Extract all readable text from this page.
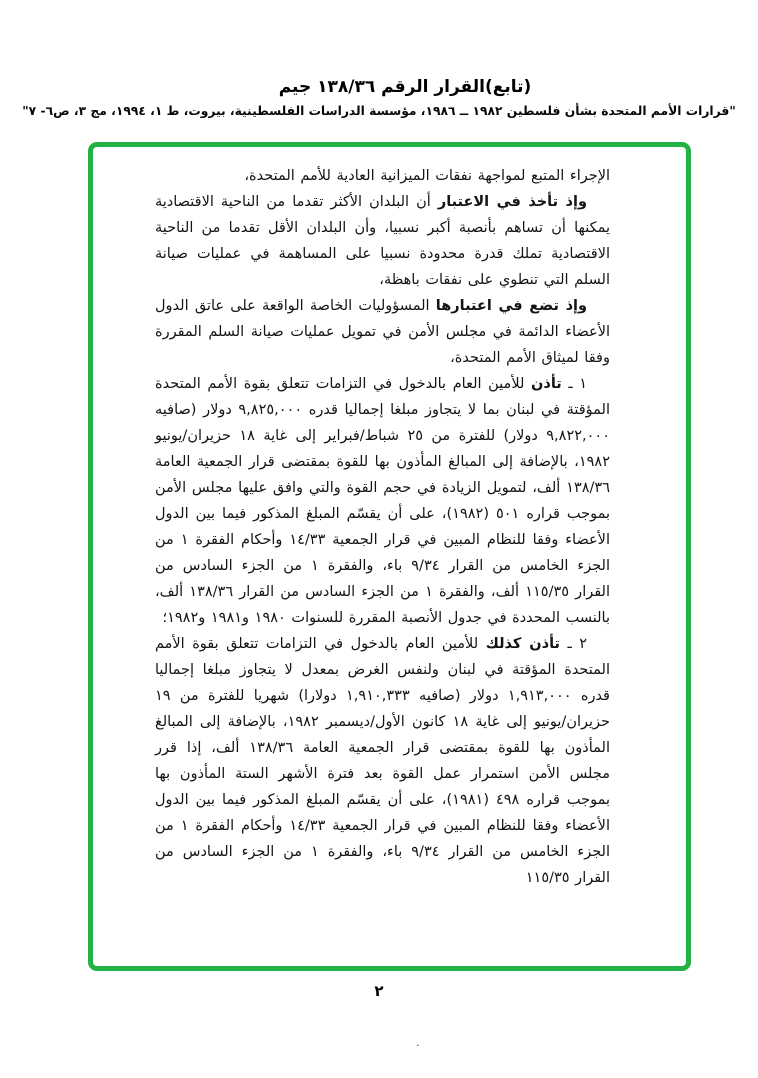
(تابع)القرار الرقم ١٣٨/٣٦ جيم
"قرارات الأمم المتحدة بشأن فلسطين ١٩٨٢ ــ ١٩٨٦، مؤسسة الدراسات الفلسطينية، بيروت، ط ١، ١٩٩٤، مج ٣، ص٦- ٧"

الإجراء المتبع لمواجهة نفقات الميزانية العادية للأمم المتحدة،

وإذ تأخذ في الاعتبار أن البلدان الأكثر تقدما من الناحية الاقتصادية يمكنها أن تساهم بأنصبة أكبر نسبيا، وأن البلدان الأقل تقدما من الناحية الاقتصادية تملك قدرة محدودة نسبيا على المساهمة في عمليات صيانة السلم التي تنطوي على نفقات باهظة،

وإذ تضع في اعتبارها المسؤوليات الخاصة الواقعة على عاتق الدول الأعضاء الدائمة في مجلس الأمن في تمويل عمليات صيانة السلم المقررة وفقا لميثاق الأمم المتحدة،

١ ـ تأذن للأمين العام بالدخول في التزامات تتعلق بقوة الأمم المتحدة المؤقتة في لبنان بما لا يتجاوز مبلغا إجماليا قدره ٩,٨٢٥,٠٠٠ دولار (صافيه ٩,٨٢٢,٠٠٠ دولار) للفترة من ٢٥ شباط/فبراير إلى غاية ١٨ حزيران/يونيو ١٩٨٢، بالإضافة إلى المبالغ المأذون بها للقوة بمقتضى قرار الجمعية العامة ١٣٨/٣٦ ألف، لتمويل الزيادة في حجم القوة والتي وافق عليها مجلس الأمن بموجب قراره ٥٠١ (١٩٨٢)، على أن يقسّم المبلغ المذكور فيما بين الدول الأعضاء وفقا للنظام المبين في قرار الجمعية ١٤/٣٣ وأحكام الفقرة ١ من الجزء الخامس من القرار ٩/٣٤ باء، والفقرة ١ من الجزء السادس من القرار ١١٥/٣٥ ألف، والفقرة ١ من الجزء السادس من القرار ١٣٨/٣٦ ألف، بالنسب المحددة في جدول الأنصبة المقررة للسنوات ١٩٨٠ و١٩٨١ و١٩٨٢؛

٢ ـ تأذن كذلك للأمين العام بالدخول في التزامات تتعلق بقوة الأمم المتحدة المؤقتة في لبنان ولنفس الغرض بمعدل لا يتجاوز مبلغا إجماليا قدره ١,٩١٣,٠٠٠ دولار (صافيه ١,٩١٠,٣٣٣ دولارا) شهريا للفترة من ١٩ حزيران/يونيو إلى غاية ١٨ كانون الأول/ديسمبر ١٩٨٢، بالإضافة إلى المبالغ المأذون بها للقوة بمقتضى قرار الجمعية العامة ١٣٨/٣٦ ألف، إذا قرر مجلس الأمن استمرار عمل القوة بعد فترة الأشهر الستة المأذون بها بموجب قراره ٤٩٨ (١٩٨١)، على أن يقسّم المبلغ المذكور فيما بين الدول الأعضاء وفقا للنظام المبين في قرار الجمعية ١٤/٣٣ وأحكام الفقرة ١ من الجزء الخامس من القرار ٩/٣٤ باء، والفقرة ١ من الجزء السادس من القرار ١١٥/٣٥

٢
.
